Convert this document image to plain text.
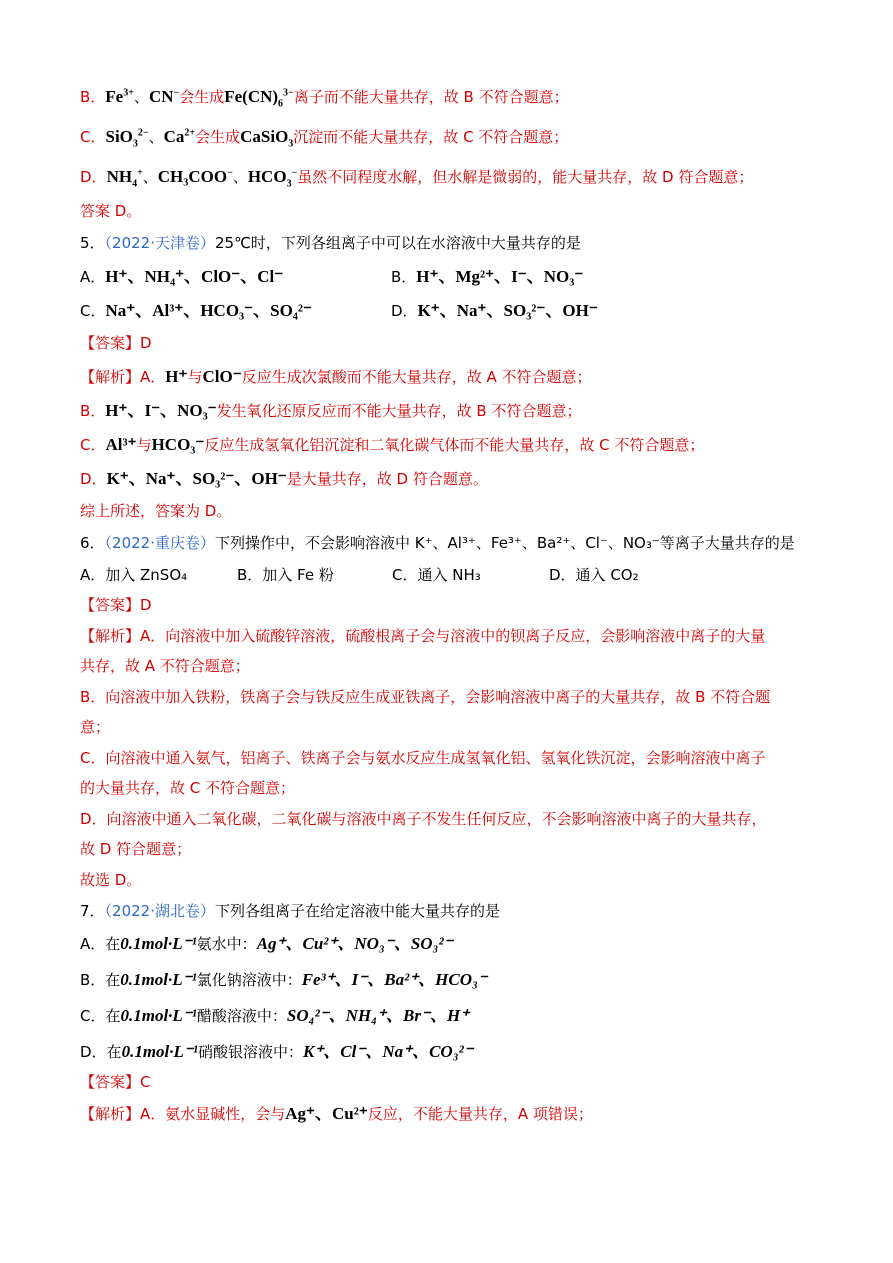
B．$Fe^{3+}$、CN−会生成$Fe(CN)_6^{3-}$离子而不能大量共存，故 B 不符合题意；
C．SiO$_3^{2-}$、$Ca^{2+}$会生成CaSiO$_3$沉淀而不能大量共存，故 C 不符合题意；
D．$NH_4^+$、CH₃COO−、$HCO_3^-$虽然不同程度水解，但水解是微弱的，能大量共存，故 D 符合题意；
答案 D。
5．（2022·天津卷）25℃时，下列各组离子中可以在水溶液中大量共存的是
A．H⁺、NH₄⁺、ClO⁻、Cl⁻	B．H⁺、Mg²⁺、I⁻、NO₃⁻
C．Na⁺、Al³⁺、HCO₃⁻、SO₄²⁻	D．K⁺、Na⁺、SO₃²⁻、OH⁻
【答案】D
【解析】A．H⁺与ClO⁻反应生成次氯酸而不能大量共存，故 A 不符合题意；
B．H⁺、I⁻、NO₃⁻发生氧化还原反应而不能大量共存，故 B 不符合题意；
C．Al³⁺与HCO₃⁻反应生成氢氧化铝沉淀和二氧化碳气体而不能大量共存，故 C 不符合题意；
D．K⁺、Na⁺、SO₃²⁻、OH⁻是大量共存，故 D 符合题意。
综上所述，答案为 D。
6．（2022·重庆卷）下列操作中，不会影响溶液中 K⁺、Al³⁺、Fe³⁺、Ba²⁺、Cl⁻、NO₃⁻等离子大量共存的是
A．加入 ZnSO₄	B．加入 Fe 粉	C．通入 NH₃	D．通入 CO₂
【答案】D
【解析】A．向溶液中加入硫酸锌溶液，硫酸根离子会与溶液中的钡离子反应，会影响溶液中离子的大量
共存，故 A 不符合题意；
B．向溶液中加入铁粉，铁离子会与铁反应生成亚铁离子，会影响溶液中离子的大量共存，故 B 不符合题
意；
C．向溶液中通入氨气，铝离子、铁离子会与氨水反应生成氢氧化铝、氢氧化铁沉淀，会影响溶液中离子
的大量共存，故 C 不符合题意；
D．向溶液中通入二氧化碳，二氧化碳与溶液中离子不发生任何反应，不会影响溶液中离子的大量共存，
故 D 符合题意；
故选 D。
7．（2022·湖北卷）下列各组离子在给定溶液中能大量共存的是
A．在0.1mol·L⁻¹氨水中：Ag⁺、Cu²⁺、NO₃⁻、SO₃²⁻
B．在0.1mol·L⁻¹氯化钠溶液中：Fe³⁺、I⁻、Ba²⁺、HCO₃⁻
C．在0.1mol·L⁻¹醋酸溶液中：SO₄²⁻、NH₄⁺、Br⁻、H⁺
D．在0.1mol·L⁻¹硝酸银溶液中：K⁺、Cl⁻、Na⁺、CO₃²⁻
【答案】C
【解析】A．氨水显碱性，会与Ag⁺、Cu²⁺反应，不能大量共存，A 项错误；
